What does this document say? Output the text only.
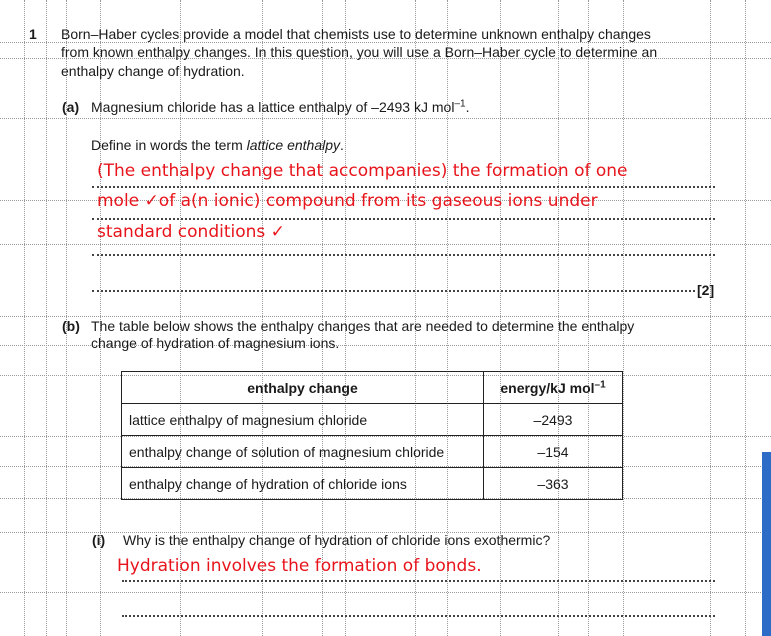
1 Born–Haber cycles provide a model that chemists use to determine unknown enthalpy changes
from known enthalpy changes. In this question, you will use a Born–Haber cycle to determine an
enthalpy change of hydration.
(a) Magnesium chloride has a lattice enthalpy of –2493 kJ mol$^{-1}$.
Define in words the term lattice enthalpy.
(The enthalpy change that accompanies) the formation of one
mole ✓of a(n ionic) compound from its gaseous ions under
standard conditions ✓
[2]
(b) The table below shows the enthalpy changes that are needed to determine the enthalpy
change of hydration of magnesium ions.
enthalpy change	energy/kJ mol$^{-1}$
lattice enthalpy of magnesium chloride	–2493
enthalpy change of solution of magnesium chloride	–154
enthalpy change of hydration of chloride ions	–363
(i) Why is the enthalpy change of hydration of chloride ions exothermic?
Hydration involves the formation of bonds.
